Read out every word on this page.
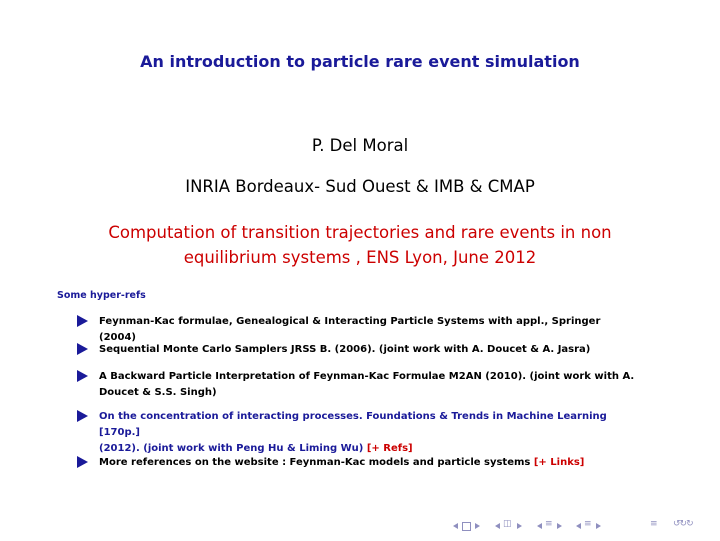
An introduction to particle rare event simulation
P. Del Moral
INRIA Bordeaux- Sud Ouest & IMB & CMAP
Computation of transition trajectories and rare events in non
equilibrium systems , ENS Lyon, June 2012
Some hyper-refs
Feynman-Kac formulae, Genealogical & Interacting Particle Systems with appl., Springer (2004)
Sequential Monte Carlo Samplers JRSS B. (2006). (joint work with A. Doucet & A. Jasra)
A Backward Particle Interpretation of Feynman-Kac Formulae M2AN (2010). (joint work with A.
Doucet & S.S. Singh)
On the concentration of interacting processes. Foundations & Trends in Machine Learning [170p.]
(2012). (joint work with Peng Hu & Liming Wu) [+ Refs]
More references on the website : Feynman-Kac models and particle systems [+ Links]
◫	≡	≡	≡ ↺↻↻
